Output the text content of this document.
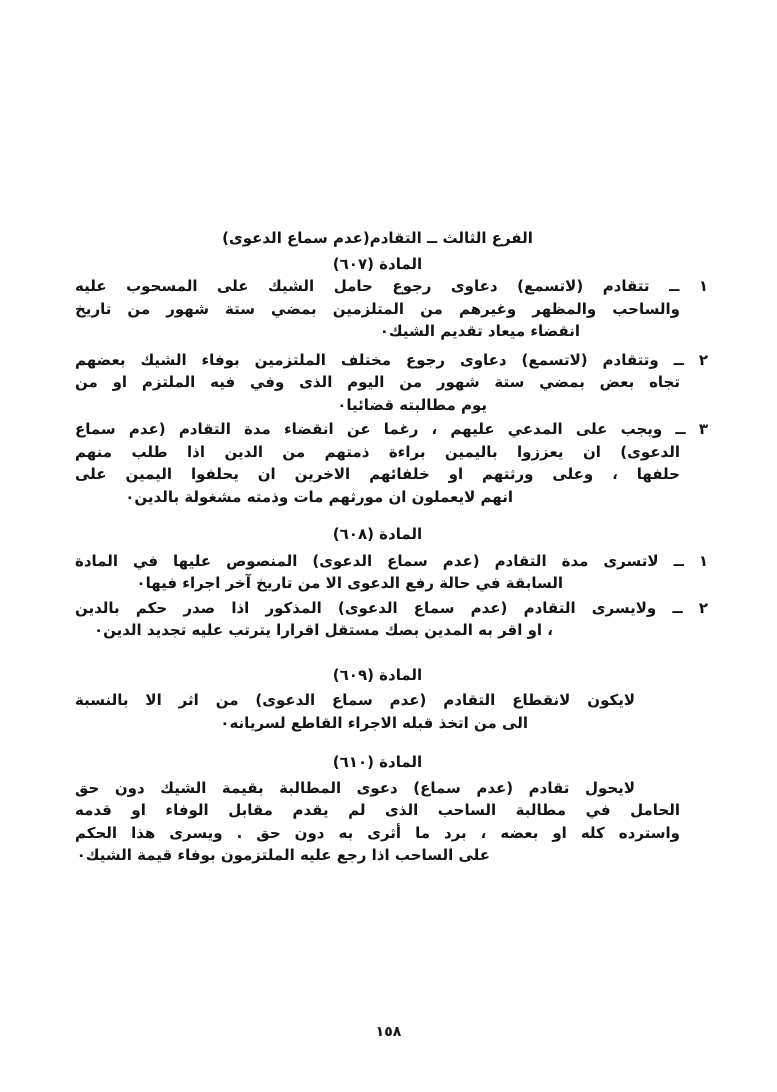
الفرع الثالث ــ التقادم(عدم سماع الدعوى)
المادة (٦٠٧)
١ ــ تتقادم (لاتسمع) دعاوى رجوع حامل الشيك على المسحوب عليه
والساحب والمظهر وغيرهم من المتلزمين بمضي ستة شهور من تاريخ
انقضاء ميعاد تقديم الشيك٠
٢ ــ وتتقادم (لاتسمع) دعاوى رجوع مختلف الملتزمين بوفاء الشيك بعضهم
تجاه بعض بمضي ستة شهور من اليوم الذى وفي فيه الملتزم او من
يوم مطالبته قضائيا٠
٣ ــ ويجب على المدعي عليهم ، رغما عن انقضاء مدة التقادم (عدم سماع
الدعوى) ان يعززوا باليمين براءة ذمتهم من الدين اذا طلب منهم
حلفها ، وعلى ورثتهم او خلفائهم الاخرين ان يحلفوا اليمين على
انهم لايعملون ان مورثهم مات وذمته مشغولة بالدين٠
المادة (٦٠٨)
١ ــ لاتسرى مدة التقادم (عدم سماع الدعوى) المنصوص عليها في المادة
السابقة في حالة رفع الدعوى الا من تاريخ آخر اجراء فيها٠
٢ ــ ولايسرى التقادم (عدم سماع الدعوى) المذكور اذا صدر حكم بالدين
، او اقر به المدين بصك مستقل اقرارا يترتب عليه تجديد الدين٠
المادة (٦٠٩)
لايكون لانقطاع التقادم (عدم سماع الدعوى) من اثر الا بالنسبة
الى من اتخذ قبله الاجراء القاطع لسريانه٠
المادة (٦١٠)
لايحول تقادم (عدم سماع) دعوى المطالبة بقيمة الشيك دون حق
الحامل في مطالبة الساحب الذى لم يقدم مقابل الوفاء او قدمه
واسترده كله او بعضه ، برد ما أثرى به دون حق . ويسرى هذا الحكم
على الساحب اذا رجع عليه الملتزمون بوفاء قيمة الشيك٠
١٥٨
